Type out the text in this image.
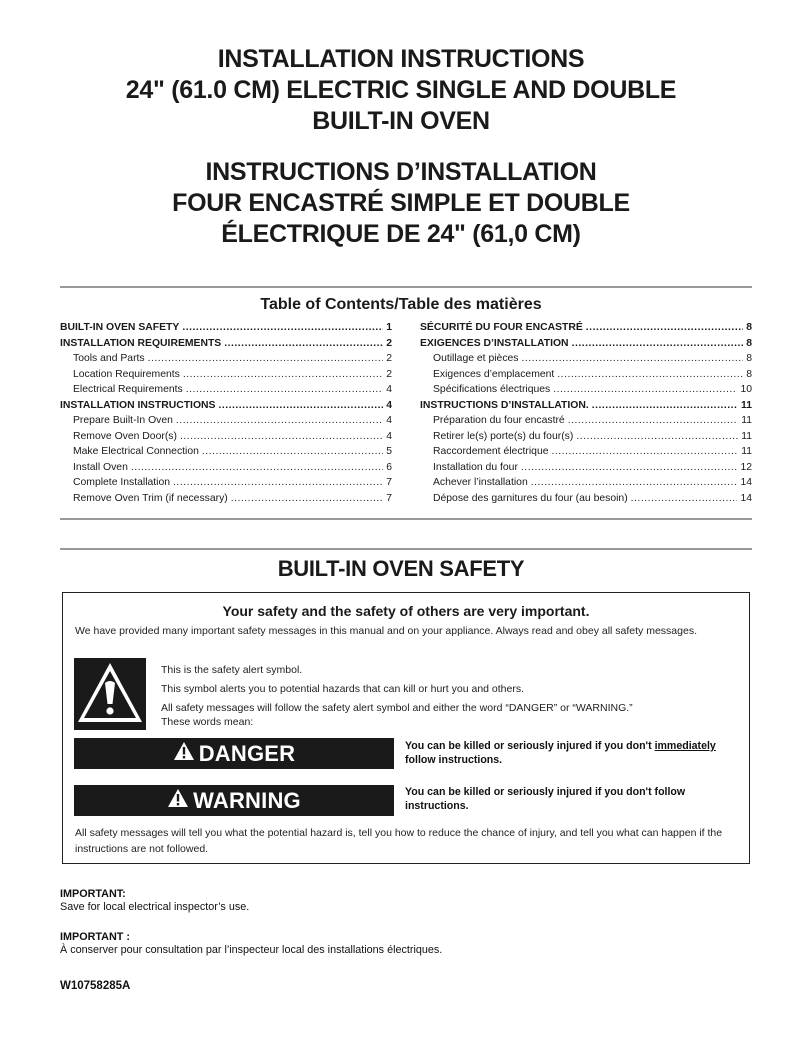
INSTALLATION INSTRUCTIONS
24" (61.0 CM) ELECTRIC SINGLE AND DOUBLE
BUILT-IN OVEN
INSTRUCTIONS D’INSTALLATION
FOUR ENCASTRÉ SIMPLE ET DOUBLE
ÉLECTRIQUE DE 24" (61,0 CM)
Table of Contents/Table des matières
BUILT-IN OVEN SAFETY .....	1
INSTALLATION REQUIREMENTS .....	2
Tools and Parts .....	2
Location Requirements .....	2
Electrical Requirements .....	4
INSTALLATION INSTRUCTIONS .....	4
Prepare Built-In Oven .....	4
Remove Oven Door(s) .....	4
Make Electrical Connection .....	5
Install Oven .....	6
Complete Installation .....	7
Remove Oven Trim (if necessary) .....	7
SÉCURITÉ DU FOUR ENCASTRÉ .....	8
EXIGENCES D’INSTALLATION .....	8
Outillage et pièces .....	8
Exigences d’emplacement .....	8
Spécifications électriques .....	10
INSTRUCTIONS D’INSTALLATION. .....	11
Préparation du four encastré .....	11
Retirer le(s) porte(s) du four(s) .....	11
Raccordement électrique .....	11
Installation du four .....	12
Achever l’installation .....	14
Dépose des garnitures du four (au besoin) .....	14
BUILT-IN OVEN SAFETY
Your safety and the safety of others are very important.
We have provided many important safety messages in this manual and on your appliance. Always read and obey all safety messages.
This is the safety alert symbol.
This symbol alerts you to potential hazards that can kill or hurt you and others.
All safety messages will follow the safety alert symbol and either the word “DANGER” or “WARNING.”
These words mean:
DANGER	You can be killed or seriously injured if you don't immediately follow instructions.
WARNING	You can be killed or seriously injured if you don't follow instructions.
All safety messages will tell you what the potential hazard is, tell you how to reduce the chance of injury, and tell you what can happen if the instructions are not followed.
IMPORTANT:
Save for local electrical inspector’s use.
IMPORTANT :
À conserver pour consultation par l’inspecteur local des installations électriques.
W10758285A
